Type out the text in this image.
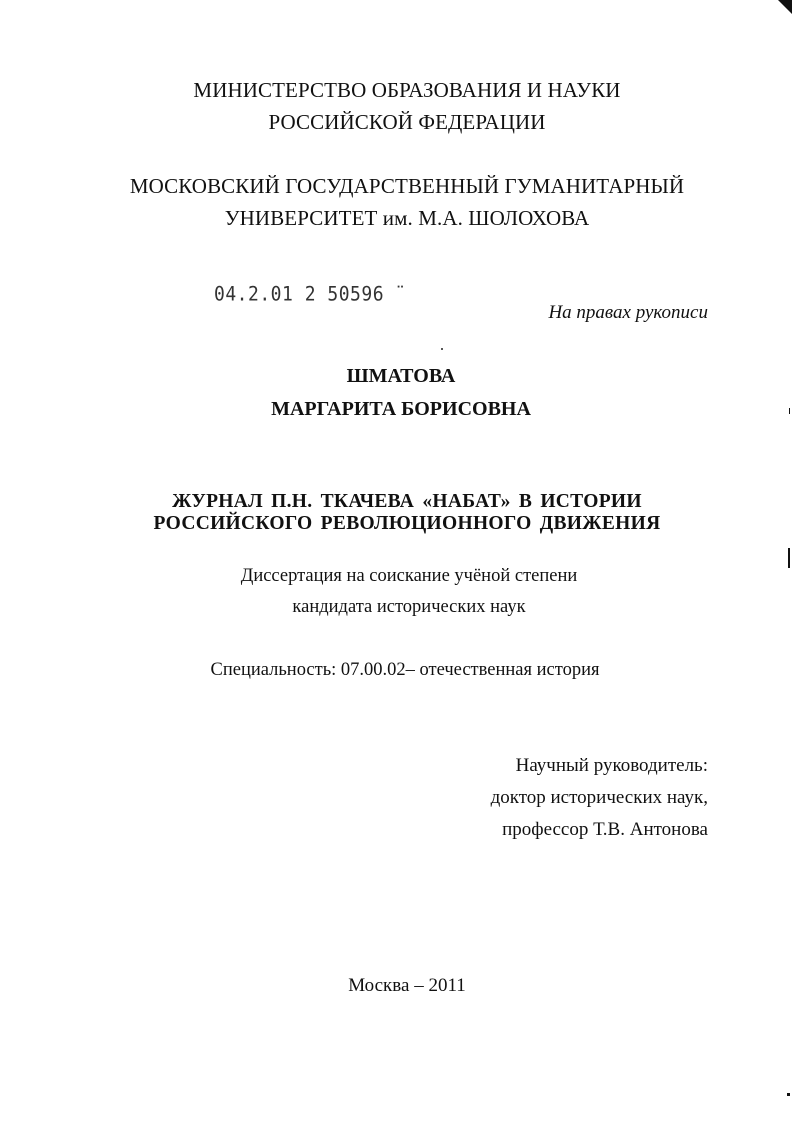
МИНИСТЕРСТВО ОБРАЗОВАНИЯ И НАУКИ
РОССИЙСКОЙ ФЕДЕРАЦИИ
МОСКОВСКИЙ ГОСУДАРСТВЕННЫЙ ГУМАНИТАРНЫЙ
УНИВЕРСИТЕТ им. М.А. ШОЛОХОВА
04.2.01 2 50596 ̈
На правах рукописи
ШМАТОВА
МАРГАРИТА БОРИСОВНА
ЖУРНАЛ П.Н. ТКАЧЕВА «НАБАТ» В ИСТОРИИ
РОССИЙСКОГО РЕВОЛЮЦИОННОГО ДВИЖЕНИЯ
Диссертация на соискание учёной степени
кандидата исторических наук
Специальность: 07.00.02– отечественная история
Научный руководитель:
доктор исторических наук,
профессор Т.В. Антонова
Москва – 2011
